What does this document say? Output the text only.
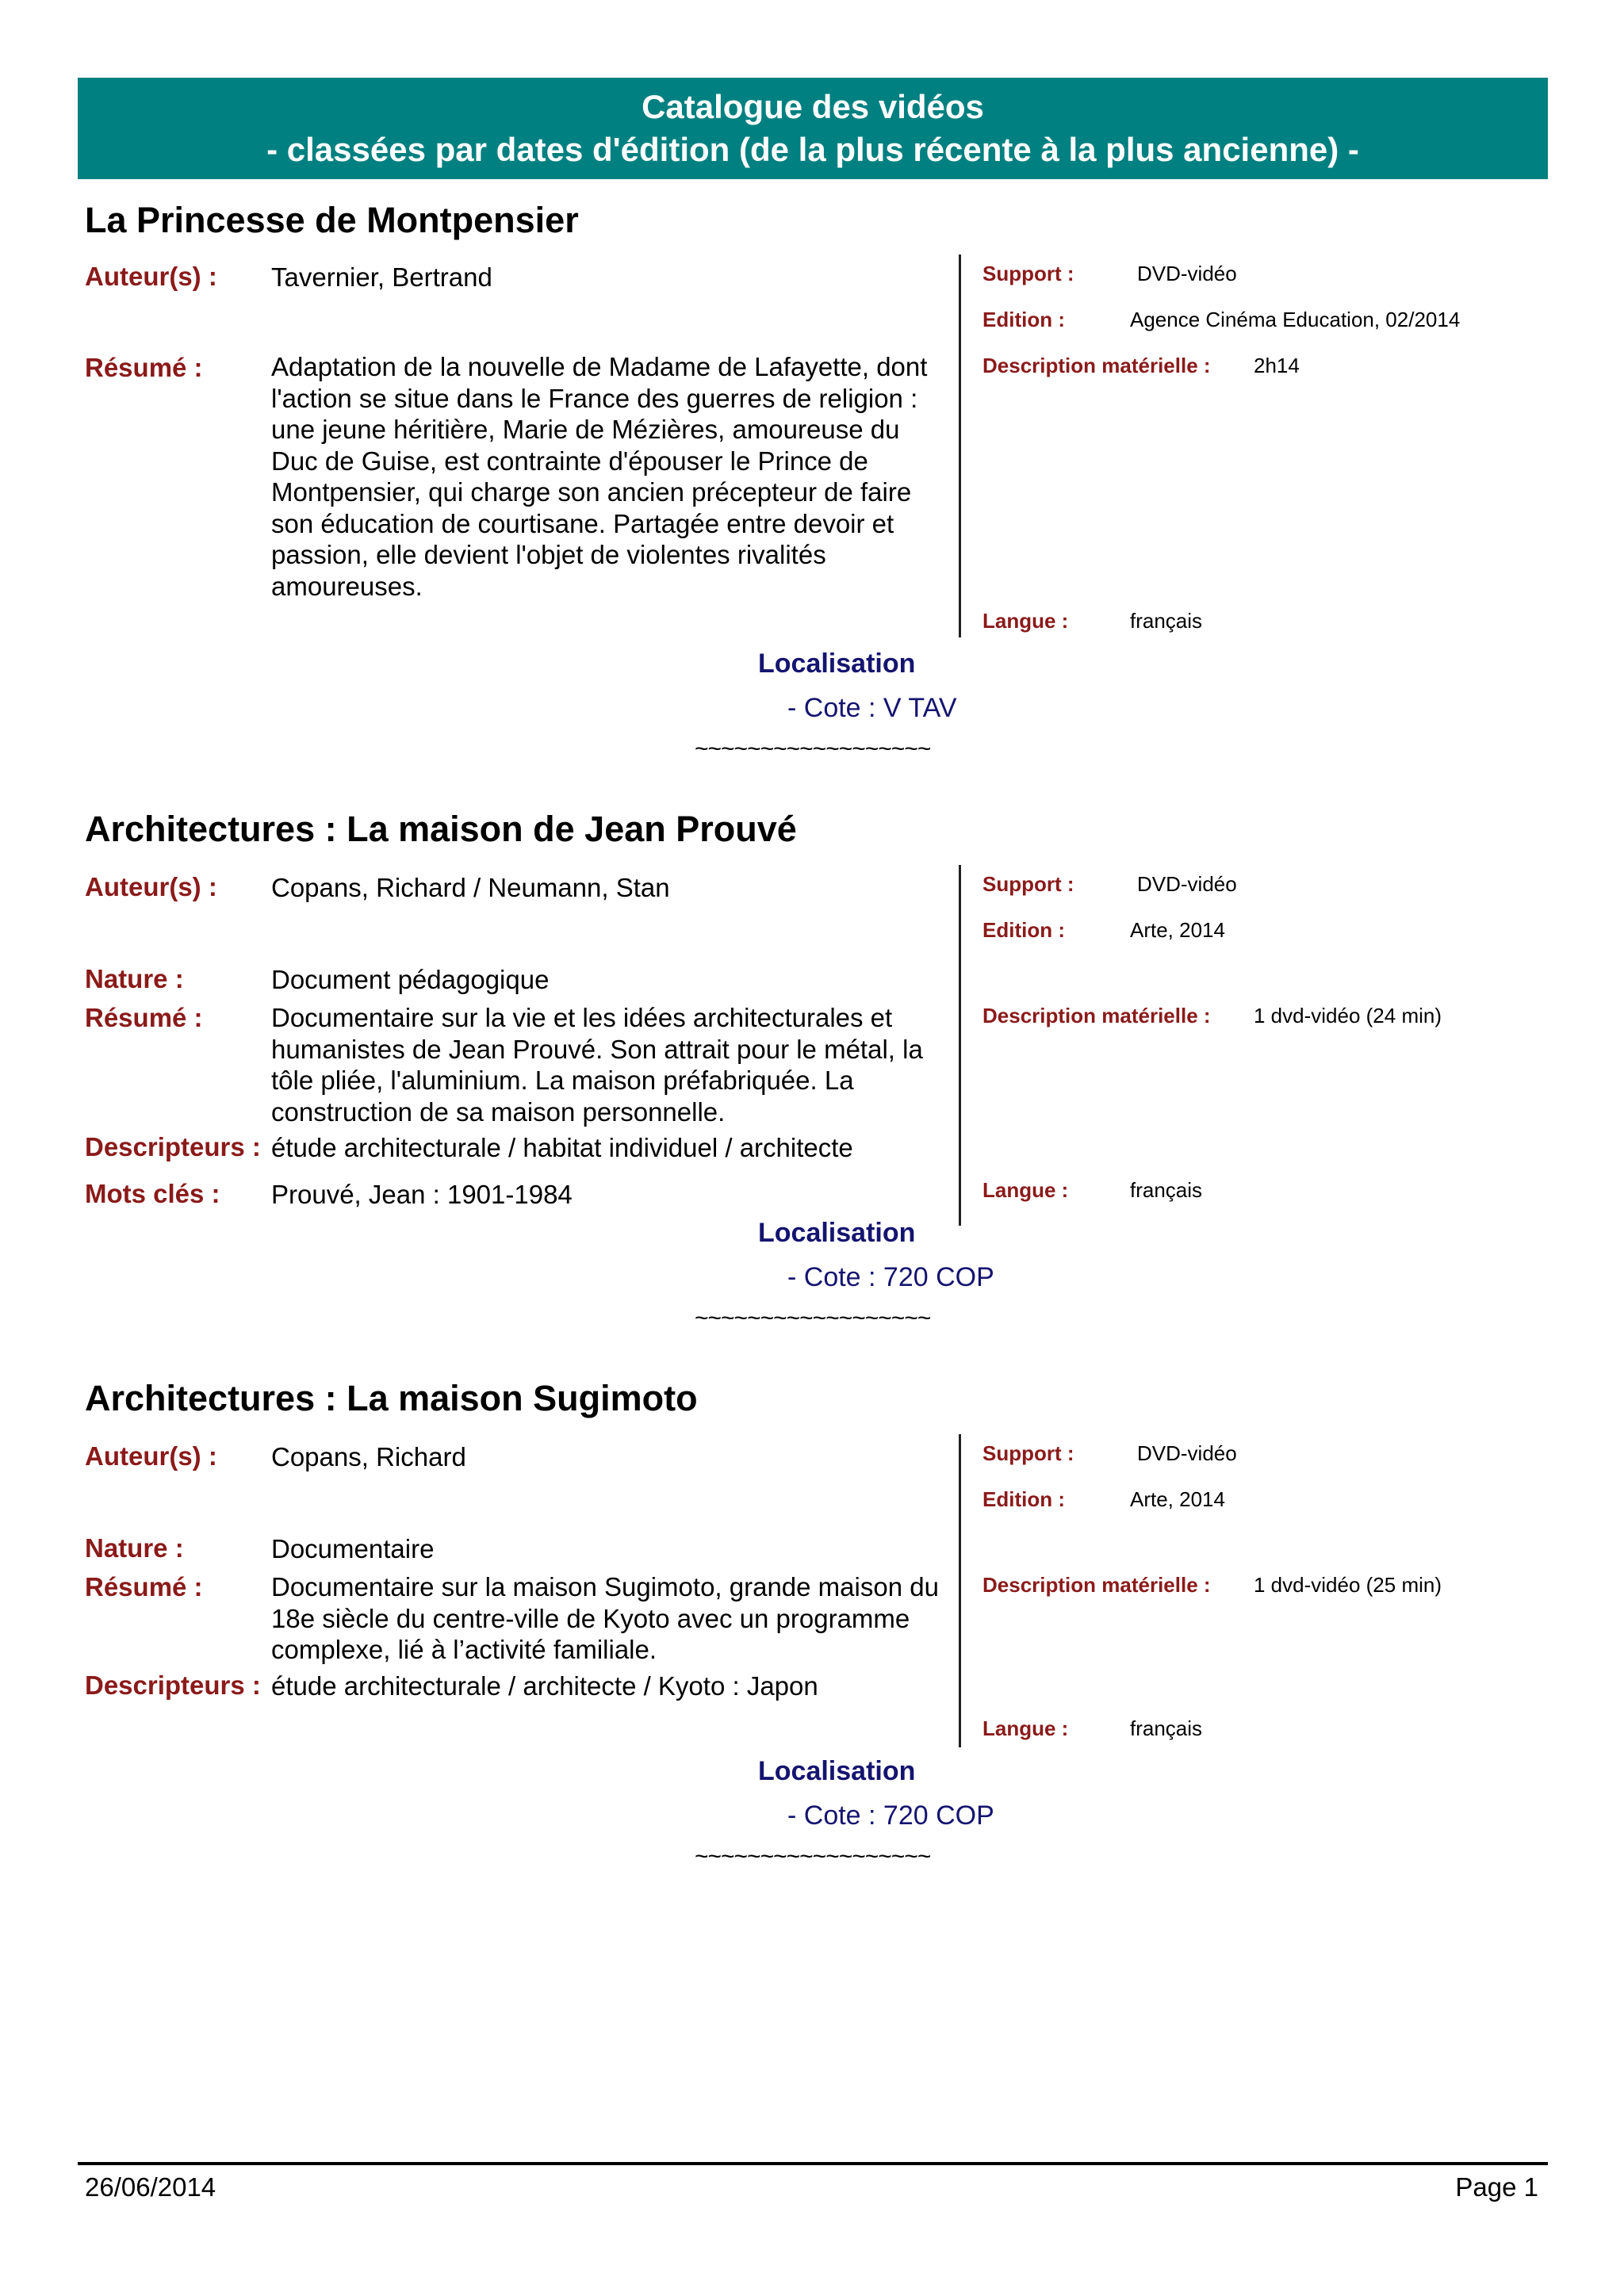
Catalogue des vidéos
- classées par dates d'édition (de la plus récente à la plus ancienne) -
La Princesse de Montpensier
Auteur(s) : Tavernier, Bertrand
Résumé :	Adaptation de la nouvelle de Madame de Lafayette, dont l'action se situe dans le France des guerres de religion : une jeune héritière, Marie de Mézières, amoureuse du Duc de Guise, est contrainte d'épouser le Prince de Montpensier, qui charge son ancien précepteur de faire son éducation de courtisane. Partagée entre devoir et passion, elle devient l'objet de violentes rivalités amoureuses.
Support :	DVD-vidéo
Edition :	Agence Cinéma Education, 02/2014
Description matérielle : 2h14
Langue :	français
Localisation
- Cote : V TAV
~~~~~~~~~~~~~~~~~~
Architectures : La maison de Jean Prouvé
Auteur(s) : Copans, Richard / Neumann, Stan
Nature :	Document pédagogique
Résumé :	Documentaire sur la vie et les idées architecturales et humanistes de Jean Prouvé. Son attrait pour le métal, la tôle pliée, l'aluminium. La maison préfabriquée. La construction de sa maison personnelle.
Descripteurs : étude architecturale / habitat individuel / architecte
Mots clés : Prouvé, Jean : 1901-1984
Support :	DVD-vidéo
Edition :	Arte, 2014
Description matérielle : 1 dvd-vidéo (24 min)
Langue :	français
Localisation
- Cote : 720 COP
~~~~~~~~~~~~~~~~~~
Architectures : La maison Sugimoto
Auteur(s) : Copans, Richard
Nature :	Documentaire
Résumé :	Documentaire sur la maison Sugimoto, grande maison du 18e siècle du centre-ville de Kyoto avec un programme complexe, lié à l’activité familiale.
Descripteurs : étude architecturale / architecte / Kyoto : Japon
Support :	DVD-vidéo
Edition :	Arte, 2014
Description matérielle : 1 dvd-vidéo (25 min)
Langue :	français
Localisation
- Cote : 720 COP
~~~~~~~~~~~~~~~~~~
26/06/2014	Page 1
